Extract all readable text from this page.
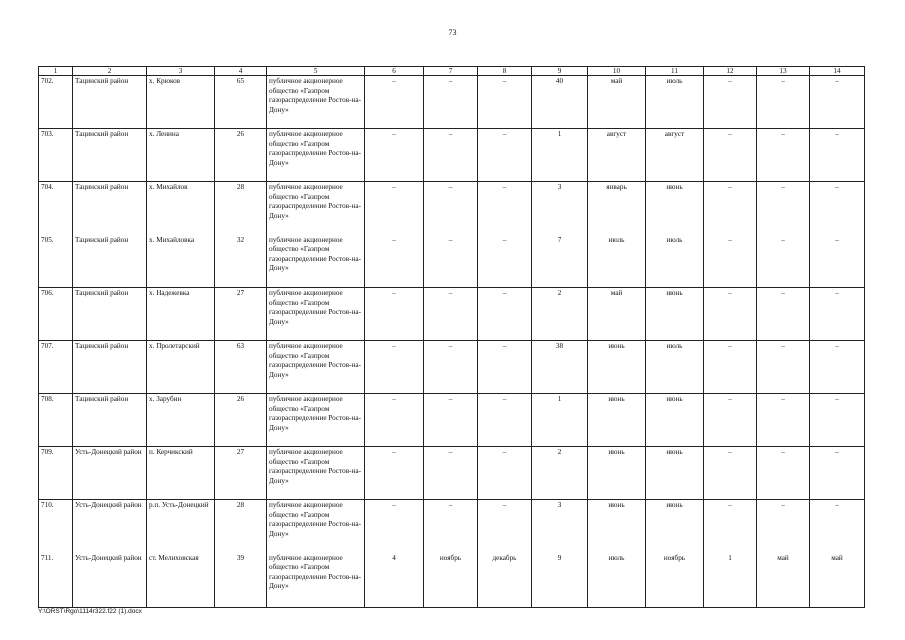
73
1	2	3	4	5	6	7	8	9	10	11	12	13	14
702.	Тацинский район	х. Крюков	65	публичное акционерное общество «Газпром газораспределение Ростов-на-Дону»	–	–	–	40	май	июль	–	–	–
703.	Тацинский район	х. Ленина	26	публичное акционерное общество «Газпром газораспределение Ростов-на-Дону»	–	–	–	1	август	август	–	–	–
704.	Тацинский район	х. Михайлов	28	публичное акционерное общество «Газпром газораспределение Ростов-на-Дону»	–	–	–	3	январь	июнь	–	–	–
705.	Тацинский район	х. Михайловка	32	публичное акционерное общество «Газпром газораспределение Ростов-на-Дону»	–	–	–	7	июль	июль	–	–	–
706.	Тацинский район	х. Надежевка	27	публичное акционерное общество «Газпром газораспределение Ростов-на-Дону»	–	–	–	2	май	июнь	–	–	–
707.	Тацинский район	х. Пролетарский	63	публичное акционерное общество «Газпром газораспределение Ростов-на-Дону»	–	–	–	38	июнь	июль	–	–	–
708.	Тацинский район	х. Зарубин	26	публичное акционерное общество «Газпром газораспределение Ростов-на-Дону»	–	–	–	1	июнь	июнь	–	–	–
709.	Усть-Донецкий район	п. Керчикский	27	публичное акционерное общество «Газпром газораспределение Ростов-на-Дону»	–	–	–	2	июнь	июнь	–	–	–
710.	Усть-Донецкий район	р.п. Усть-Донецкий	28	публичное акционерное общество «Газпром газораспределение Ростов-на-Дону»	–	–	–	3	июнь	июнь	–	–	–
711.	Усть-Донецкий район	ст. Мелиховская	39	публичное акционерное общество «Газпром газораспределение Ростов-на-Дону»	4	ноябрь	декабрь	9	июль	ноябрь	1	май	май
Y:\ORST\Rgo\1114r322.f22 (1).docx
